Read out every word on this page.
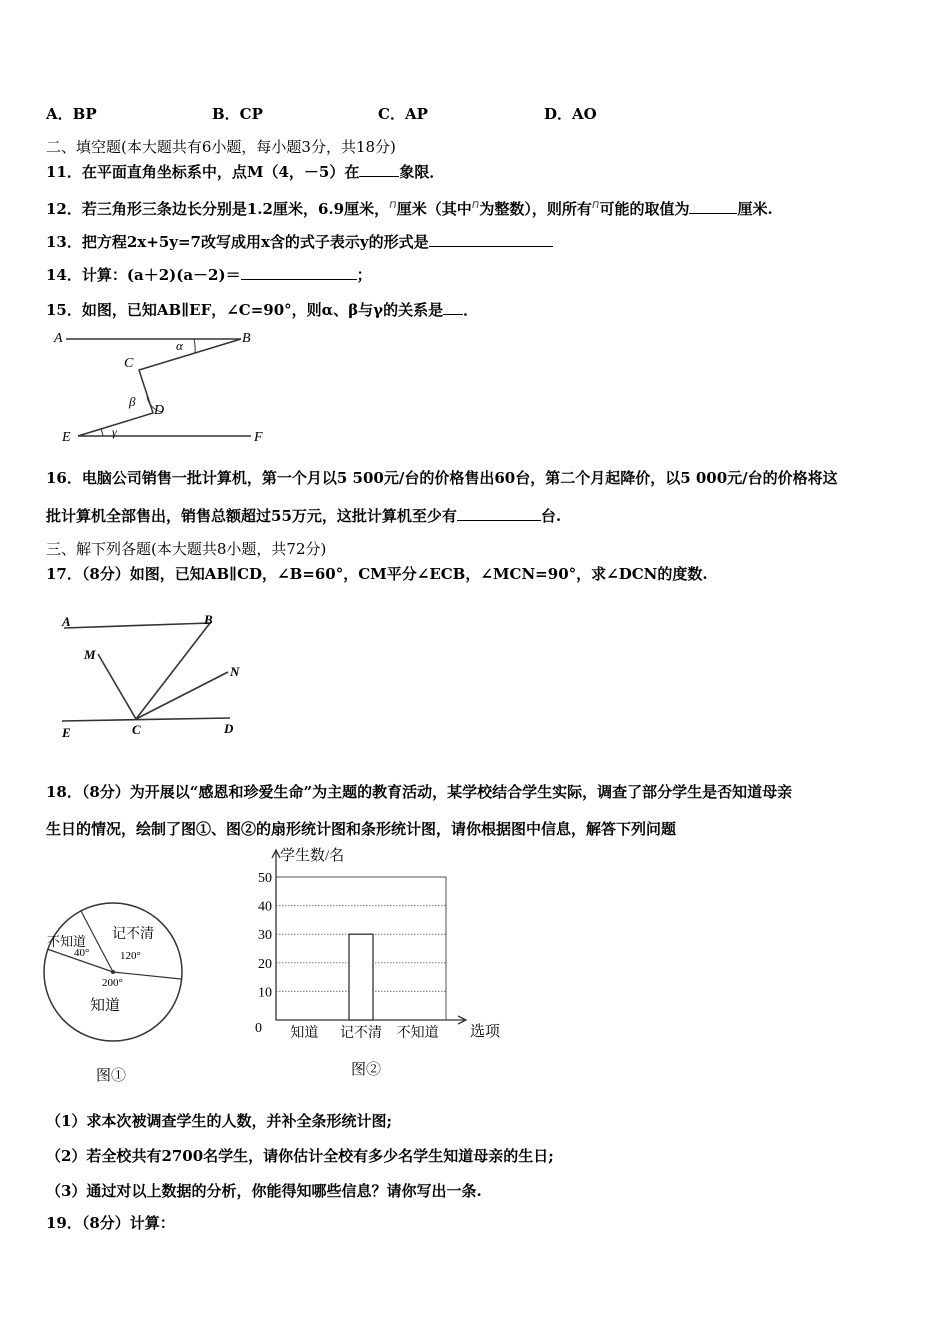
A．BP	B．CP	C．AP	D．AO
二、填空题(本大题共有6小题，每小题3分，共18分)
11．在平面直角坐标系中，点M（4，－5）在	象限．
12．若三角形三条边长分别是1.2厘米，6.9厘米，$^n$厘米（其中$^n$为整数），则所有$^n$可能的取值为	厘米.
13．把方程2x+5y=7改写成用x含的式子表示y的形式是
14．计算：(a＋2)(a－2)＝	；
15．如图，已知AB∥EF，∠C=90°，则α、β与γ的关系是 ．
A	B
C
D
E	F
α
β
γ
16．电脑公司销售一批计算机，第一个月以5 500元/台的价格售出60台，第二个月起降价，以5 000元/台的价格将这
批计算机全部售出，销售总额超过55万元，这批计算机至少有	台.
三、解下列各题(本大题共8小题，共72分)
17．（8分）如图，已知AB∥CD，∠B=60°，CM平分∠ECB，∠MCN=90°，求∠DCN的度数.
A	B
M
N
E	C	D
18．（8分）为开展以“感恩和珍爱生命”为主题的教育活动，某学校结合学生实际，调查了部分学生是否知道母亲
生日的情况，绘制了图①、图②的扇形统计图和条形统计图，请你根据图中信息，解答下列问题
记不清
120°
不知道
40°
200°
知道
图①
0
10
20
30
40
50
学生数/名
选项
知道 记不清 不知道
图②
（1）求本次被调查学生的人数，并补全条形统计图;
（2）若全校共有2700名学生，请你估计全校有多少名学生知道母亲的生日;
（3）通过对以上数据的分析，你能得知哪些信息？请你写出一条.
19．（8分）计算：
